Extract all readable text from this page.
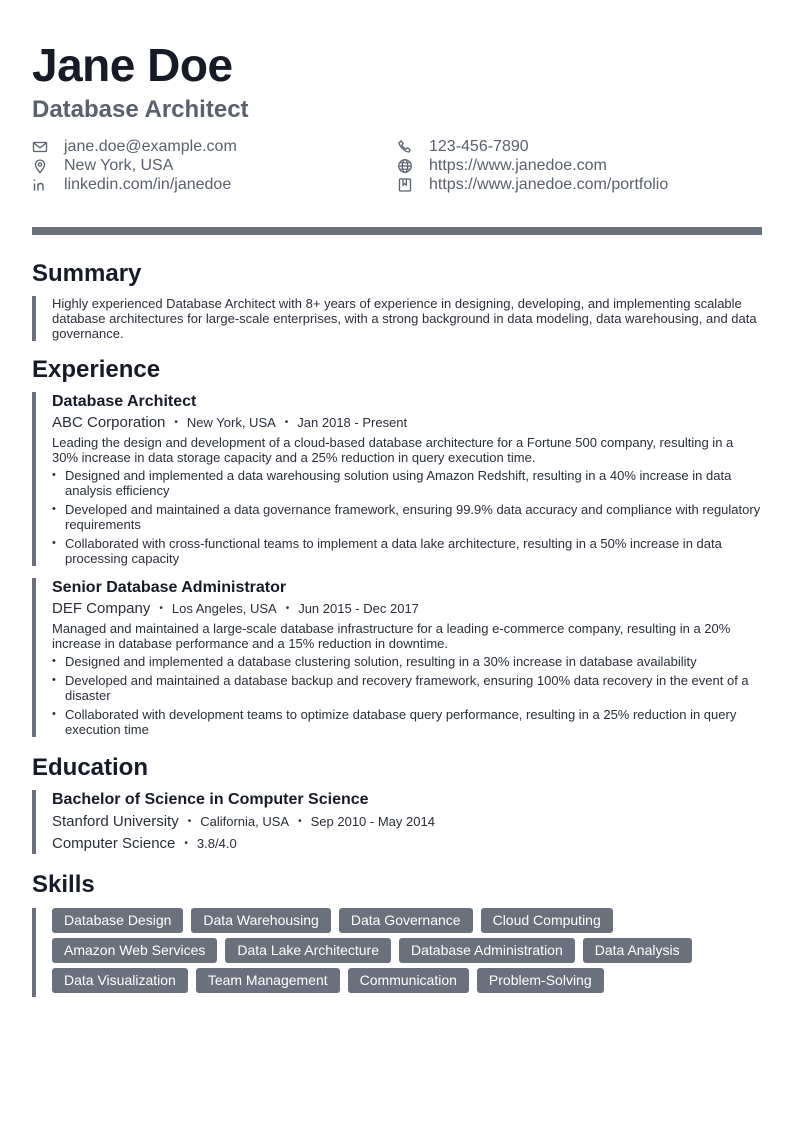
Jane Doe
Database Architect
jane.doe@example.com	123-456-7890
New York, USA	https://www.janedoe.com
linkedin.com/in/janedoe	https://www.janedoe.com/portfolio
Summary
Highly experienced Database Architect with 8+ years of experience in designing, developing, and implementing scalable database architectures for large-scale enterprises, with a strong background in data modeling, data warehousing, and data governance.
Experience
Database Architect
ABC Corporation • New York, USA • Jan 2018 - Present
Leading the design and development of a cloud-based database architecture for a Fortune 500 company, resulting in a 30% increase in data storage capacity and a 25% reduction in query execution time.
• Designed and implemented a data warehousing solution using Amazon Redshift, resulting in a 40% increase in data analysis efficiency
• Developed and maintained a data governance framework, ensuring 99.9% data accuracy and compliance with regulatory requirements
• Collaborated with cross-functional teams to implement a data lake architecture, resulting in a 50% increase in data processing capacity
Senior Database Administrator
DEF Company • Los Angeles, USA • Jun 2015 - Dec 2017
Managed and maintained a large-scale database infrastructure for a leading e-commerce company, resulting in a 20% increase in database performance and a 15% reduction in downtime.
• Designed and implemented a database clustering solution, resulting in a 30% increase in database availability
• Developed and maintained a database backup and recovery framework, ensuring 100% data recovery in the event of a disaster
• Collaborated with development teams to optimize database query performance, resulting in a 25% reduction in query execution time
Education
Bachelor of Science in Computer Science
Stanford University • California, USA • Sep 2010 - May 2014
Computer Science • 3.8/4.0
Skills
Database Design	Data Warehousing	Data Governance	Cloud Computing
Amazon Web Services	Data Lake Architecture	Database Administration	Data Analysis
Data Visualization	Team Management	Communication	Problem-Solving
